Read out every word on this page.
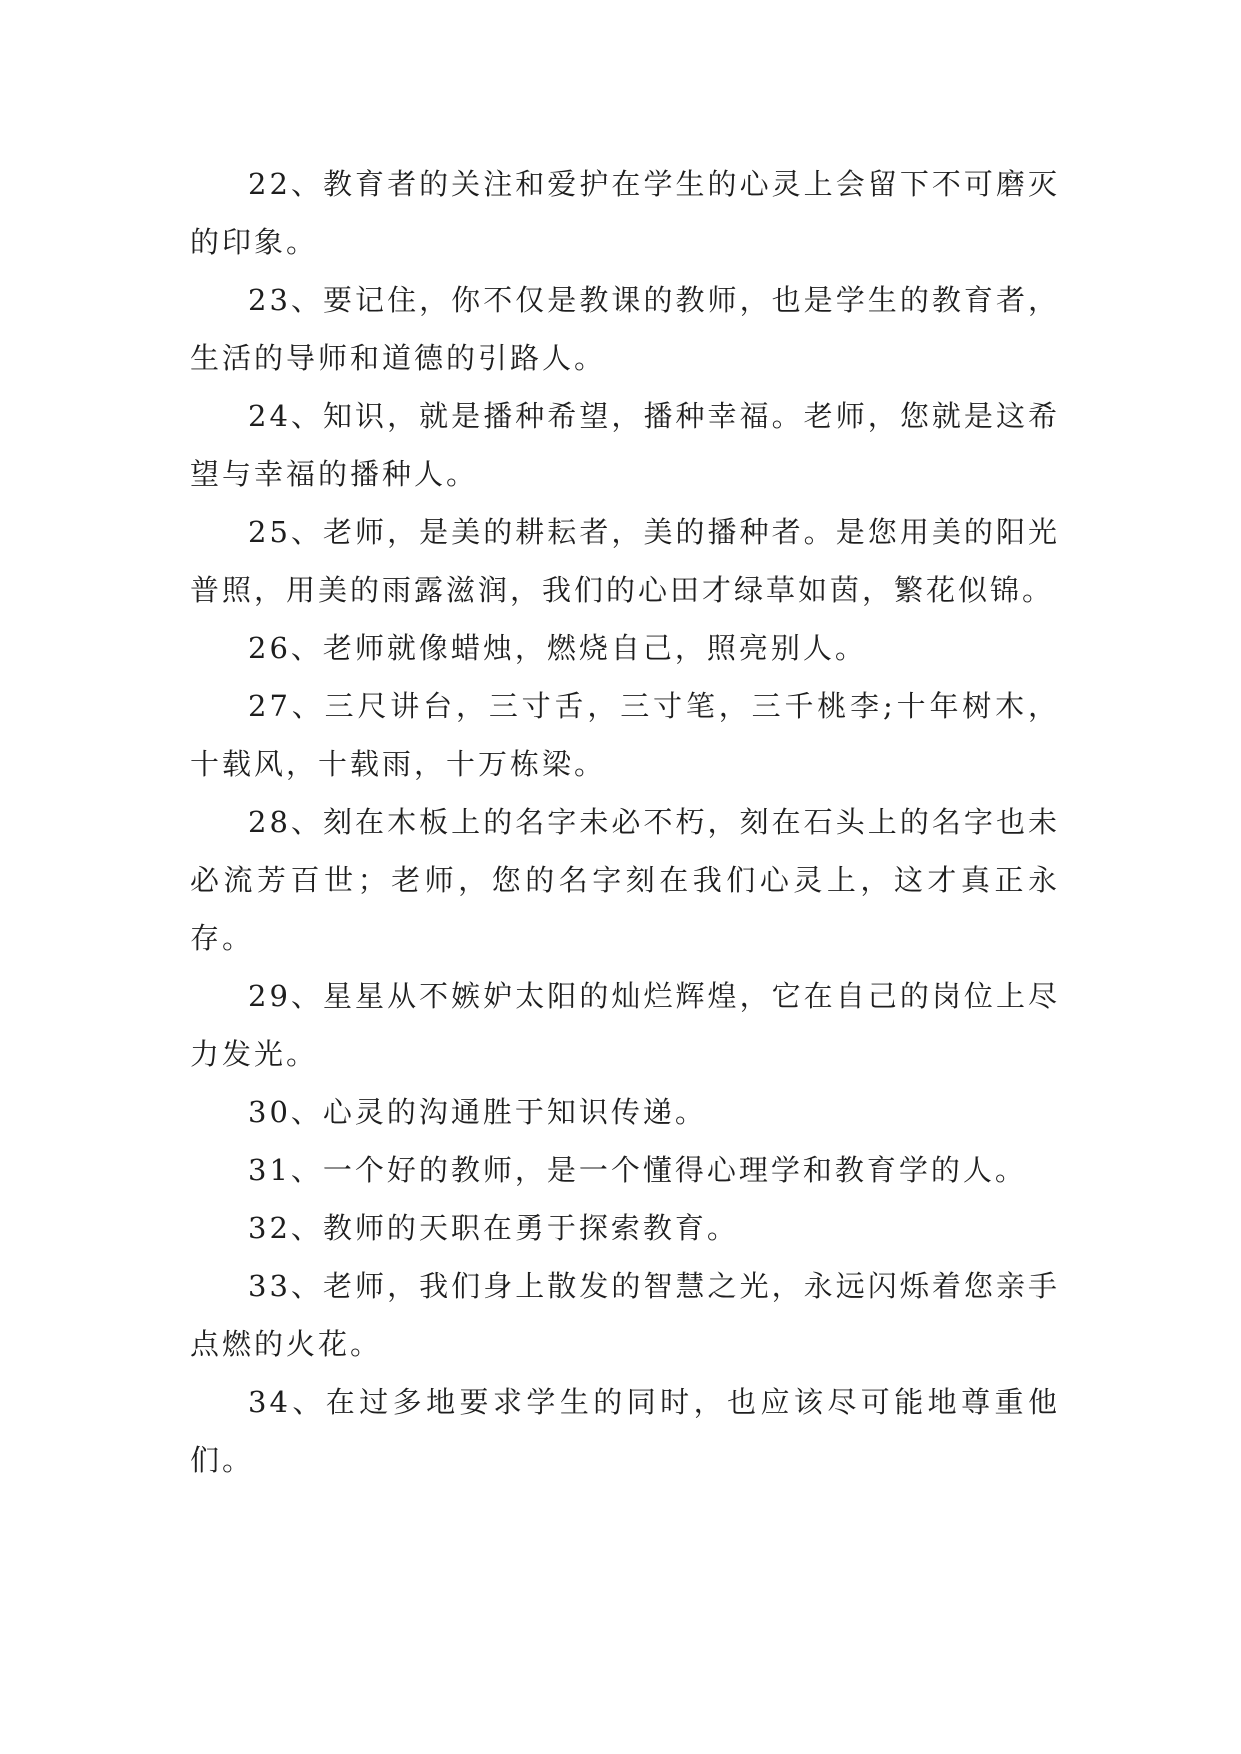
22、教育者的关注和爱护在学生的心灵上会留下不可磨灭的印象。

23、要记住，你不仅是教课的教师，也是学生的教育者，生活的导师和道德的引路人。

24、知识，就是播种希望，播种幸福。老师，您就是这希望与幸福的播种人。

25、老师，是美的耕耘者，美的播种者。是您用美的阳光普照，用美的雨露滋润，我们的心田才绿草如茵，繁花似锦。

26、老师就像蜡烛，燃烧自己，照亮别人。

27、三尺讲台，三寸舌，三寸笔，三千桃李;十年树木，十载风，十载雨，十万栋梁。

28、刻在木板上的名字未必不朽，刻在石头上的名字也未必流芳百世；老师，您的名字刻在我们心灵上，这才真正永存。

29、星星从不嫉妒太阳的灿烂辉煌，它在自己的岗位上尽力发光。

30、心灵的沟通胜于知识传递。

31、一个好的教师，是一个懂得心理学和教育学的人。

32、教师的天职在勇于探索教育。

33、老师，我们身上散发的智慧之光，永远闪烁着您亲手点燃的火花。

34、在过多地要求学生的同时，也应该尽可能地尊重他们。
